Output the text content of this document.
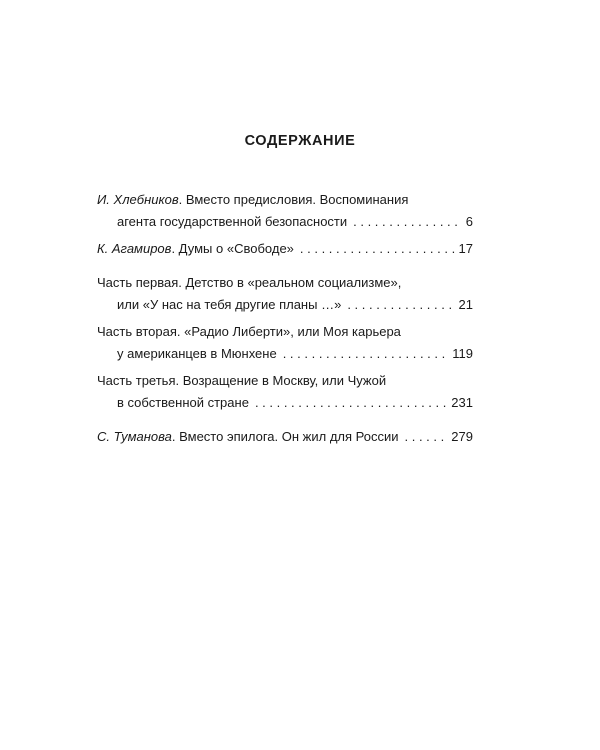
СОДЕРЖАНИЕ
И. Хлебников . Вместо предисловия. Воспоминания
агента государственной безопасности . . .	6
К. Агамиров . Думы о «Свободе» . . .	17
Часть первая. Детство в «реальном социализме»,
или «У нас на тебя другие планы …» . . .	21
Часть вторая. «Радио Либерти», или Моя карьера
у американцев в Мюнхене . . .	119
Часть третья. Возращение в Москву, или Чужой
в собственной стране . . .	231
С. Туманова . Вместо эпилога. Он жил для России . . .	279
